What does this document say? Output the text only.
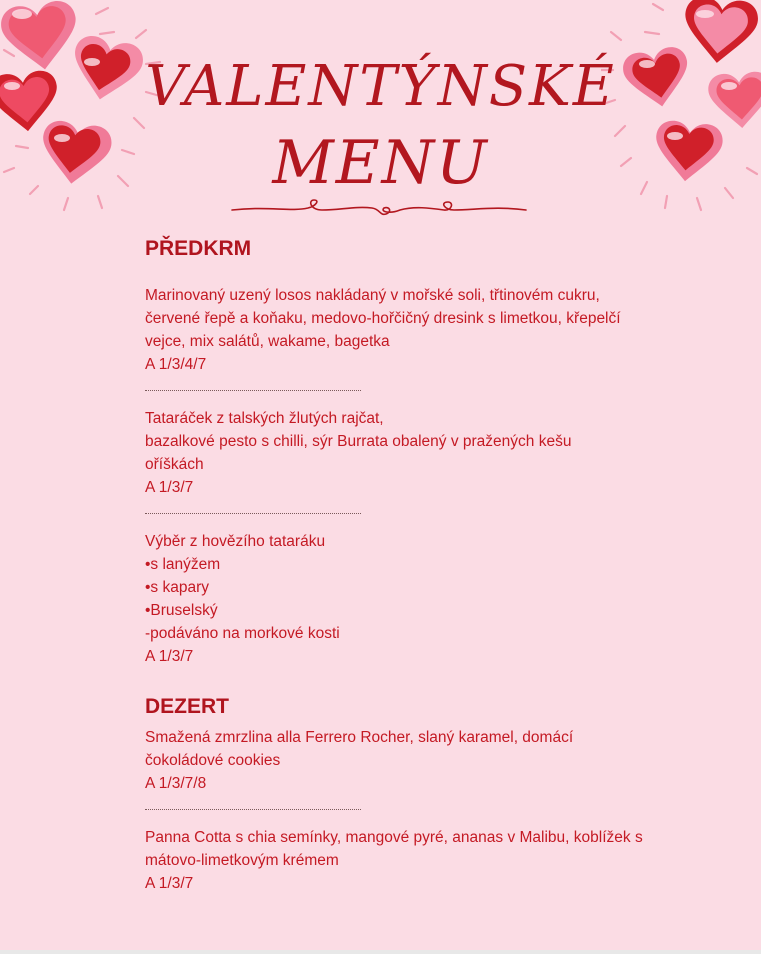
VALENTÝNSKÉ
MENU
PŘEDKRM

Marinovaný uzený losos nakládaný v mořské soli, třtinovém cukru,

červené řepě a koňaku, medovo-hořčičný dresink s limetkou, křepelčí

vejce, mix salátů, wakame, bagetka

A 1/3/4/7

Tataráček z talských žlutých rajčat,

bazalkové pesto s chilli, sýr Burrata obalený v pražených kešu

oříškách

A 1/3/7

Výběr z hovězího tataráku

•s lanýžem

•s kapary

•Bruselský

-podáváno na morkové kosti

A 1/3/7

DEZERT

Smažená zmrzlina alla Ferrero Rocher, slaný karamel, domácí

čokoládové cookies

A 1/3/7/8

Panna Cotta s chia semínky, mangové pyré, ananas v Malibu, koblížek s

mátovo-limetkovým krémem

A 1/3/7
